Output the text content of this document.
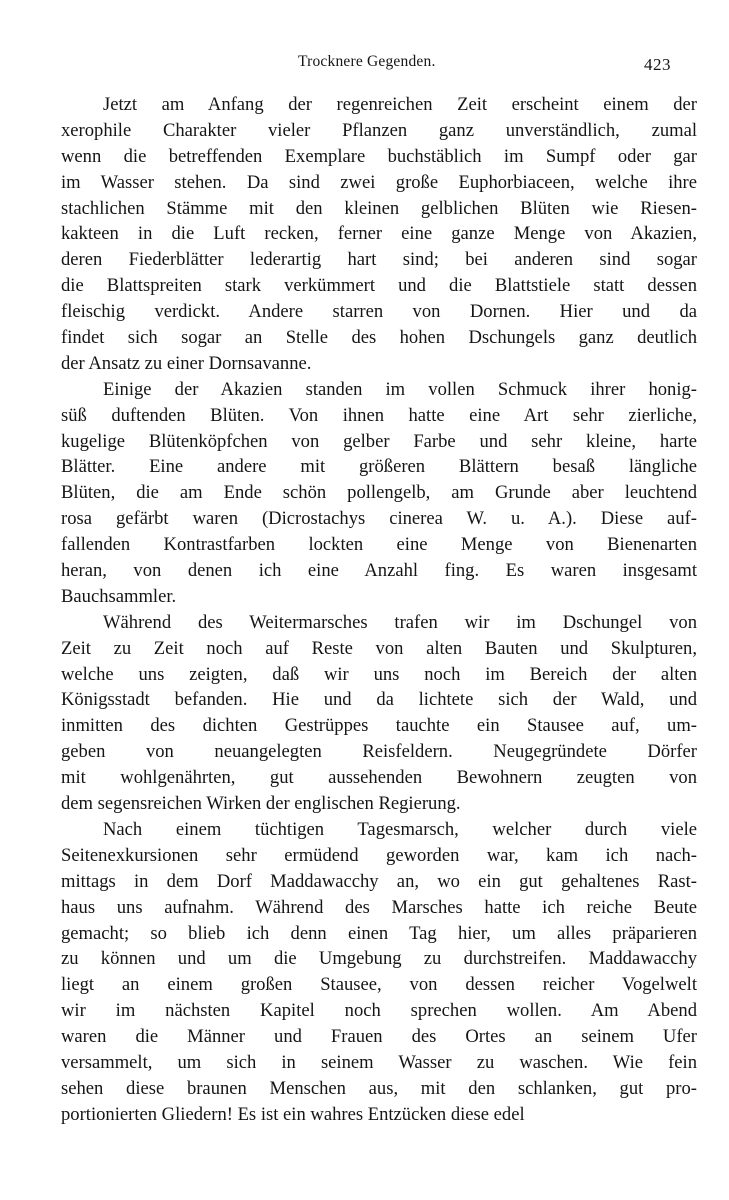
Trocknere Gegenden.	423
Jetzt am Anfang der regenreichen Zeit erscheint einem der
xerophile Charakter vieler Pflanzen ganz unverständlich, zumal
wenn die betreffenden Exemplare buchstäblich im Sumpf oder gar
im Wasser stehen. Da sind zwei große Euphorbiaceen, welche ihre
stachlichen Stämme mit den kleinen gelblichen Blüten wie Riesen-
kakteen in die Luft recken, ferner eine ganze Menge von Akazien,
deren Fiederblätter lederartig hart sind; bei anderen sind sogar
die Blattspreiten stark verkümmert und die Blattstiele statt dessen
fleischig verdickt. Andere starren von Dornen. Hier und da
findet sich sogar an Stelle des hohen Dschungels ganz deutlich
der Ansatz zu einer Dornsavanne.
Einige der Akazien standen im vollen Schmuck ihrer honig-
süß duftenden Blüten. Von ihnen hatte eine Art sehr zierliche,
kugelige Blütenköpfchen von gelber Farbe und sehr kleine, harte
Blätter. Eine andere mit größeren Blättern besaß längliche
Blüten, die am Ende schön pollengelb, am Grunde aber leuchtend
rosa gefärbt waren (Dicrostachys cinerea W. u. A.). Diese auf-
fallenden Kontrastfarben lockten eine Menge von Bienenarten
heran, von denen ich eine Anzahl fing. Es waren insgesamt
Bauchsammler.
Während des Weitermarsches trafen wir im Dschungel von
Zeit zu Zeit noch auf Reste von alten Bauten und Skulpturen,
welche uns zeigten, daß wir uns noch im Bereich der alten
Königsstadt befanden. Hie und da lichtete sich der Wald, und
inmitten des dichten Gestrüppes tauchte ein Stausee auf, um-
geben von neuangelegten Reisfeldern. Neugegründete Dörfer
mit wohlgenährten, gut aussehenden Bewohnern zeugten von
dem segensreichen Wirken der englischen Regierung.
Nach einem tüchtigen Tagesmarsch, welcher durch viele
Seitenexkursionen sehr ermüdend geworden war, kam ich nach-
mittags in dem Dorf Maddawacchy an, wo ein gut gehaltenes Rast-
haus uns aufnahm. Während des Marsches hatte ich reiche Beute
gemacht; so blieb ich denn einen Tag hier, um alles präparieren
zu können und um die Umgebung zu durchstreifen. Maddawacchy
liegt an einem großen Stausee, von dessen reicher Vogelwelt
wir im nächsten Kapitel noch sprechen wollen. Am Abend
waren die Männer und Frauen des Ortes an seinem Ufer
versammelt, um sich in seinem Wasser zu waschen. Wie fein
sehen diese braunen Menschen aus, mit den schlanken, gut pro-
portionierten Gliedern! Es ist ein wahres Entzücken diese edel
